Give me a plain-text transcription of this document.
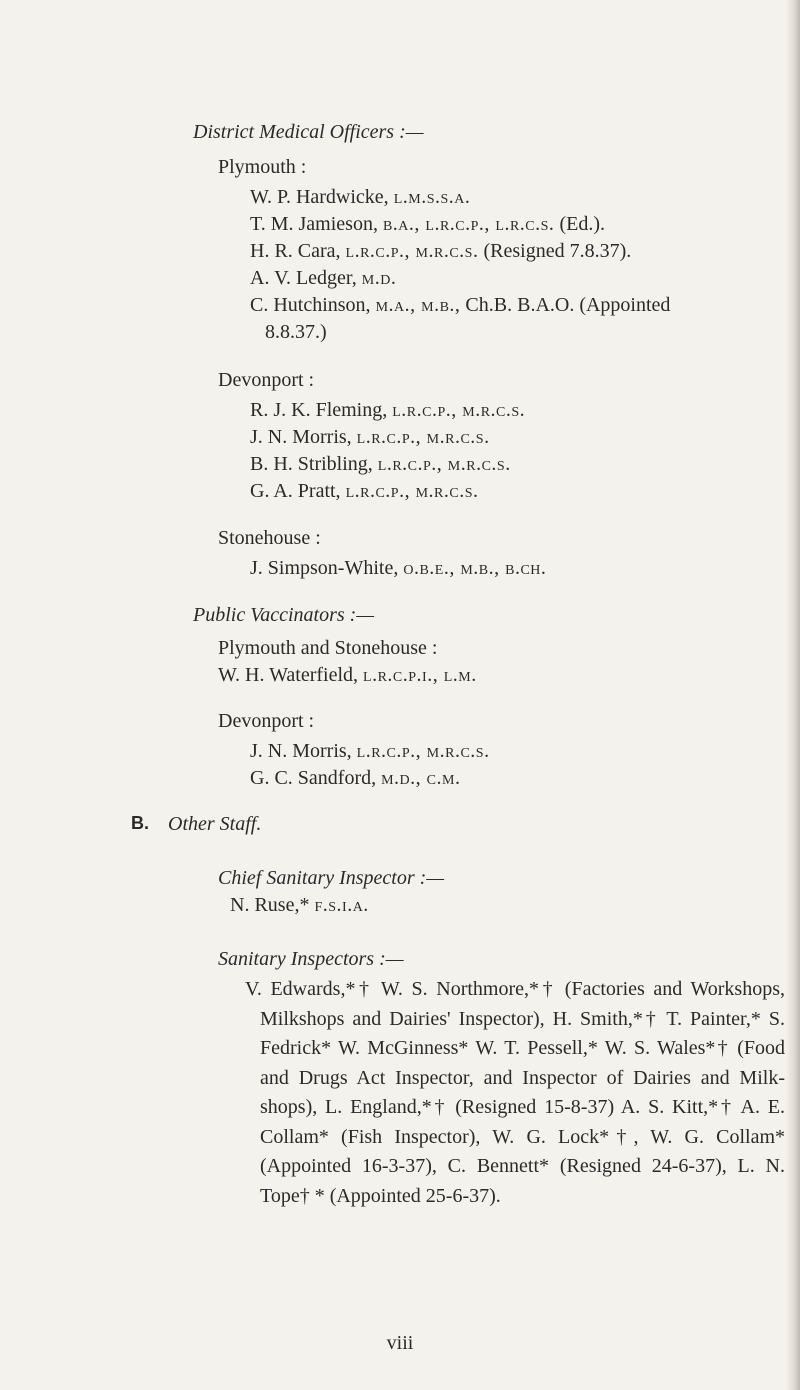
District Medical Officers :—
Plymouth :
W. P. Hardwicke, l.m.s.s.a.
T. M. Jamieson, b.a., l.r.c.p., l.r.c.s. (Ed.).
H. R. Cara, l.r.c.p., m.r.c.s. (Resigned 7.8.37).
A. V. Ledger, m.d.
C. Hutchinson, m.a., m.b., Ch.B. B.A.O. (Appointed
8.8.37.)
Devonport :
R. J. K. Fleming, l.r.c.p., m.r.c.s.
J. N. Morris, l.r.c.p., m.r.c.s.
B. H. Stribling, l.r.c.p., m.r.c.s.
G. A. Pratt, l.r.c.p., m.r.c.s.
Stonehouse :
J. Simpson-White, o.b.e., m.b., b.ch.
Public Vaccinators :—
Plymouth and Stonehouse :
W. H. Waterfield, l.r.c.p.i., l.m.
Devonport :
J. N. Morris, l.r.c.p., m.r.c.s.
G. C. Sandford, m.d., c.m.
B. Other Staff.
Chief Sanitary Inspector :—
N. Ruse,* f.s.i.a.
Sanitary Inspectors :—
V. Edwards,*† W. S. Northmore,*† (Factories and Workshops, Milkshops and Dairies' Inspector), H. Smith,*† T. Painter,* S. Fedrick* W. McGinness* W. T. Pessell,* W. S. Wales*† (Food and Drugs Act Inspector, and Inspector of Dairies and Milk-shops), L. England,*† (Resigned 15-8-37) A. S. Kitt,*† A. E. Collam* (Fish Inspector), W. G. Lock*†, W. G. Collam* (Appointed 16-3-37), C. Bennett* (Resigned 24-6-37), L. N. Tope† * (Appointed 25-6-37).
viii
